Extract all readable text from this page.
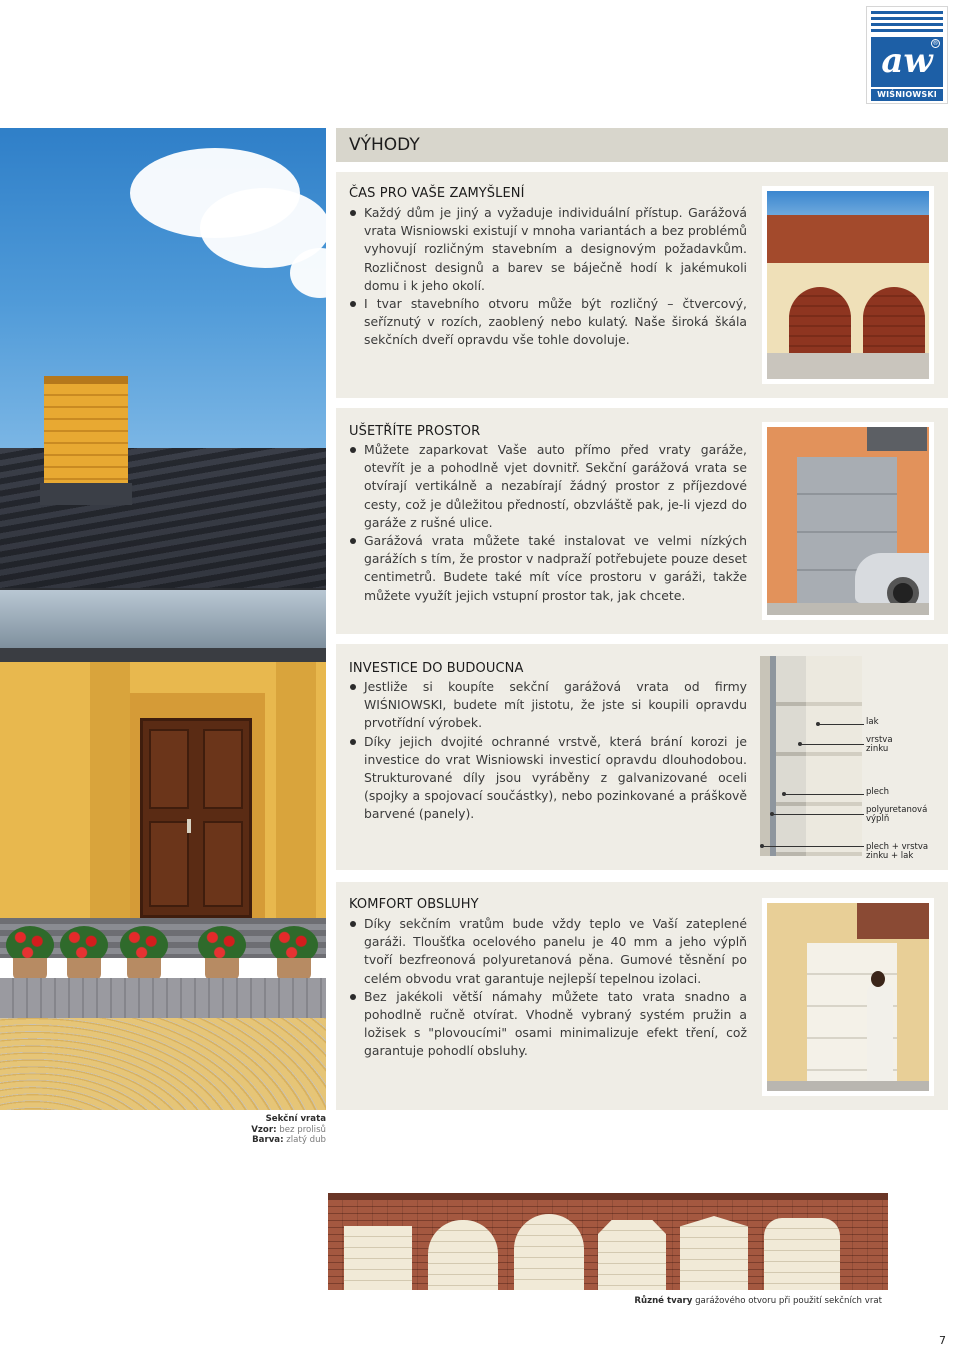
aw ®
WIŚNIOWSKI
VÝHODY
ČAS PRO VAŠE ZAMYŠLENÍ
Každý dům je jiný a vyžaduje individuální přístup. Garážová vrata Wisniowski existují v mnoha variantách a bez problémů vyhovují rozličným stavebním a designovým požadavkům. Rozličnost designů a barev se báječně hodí k jakémukoli domu i k jeho okolí.
I tvar stavebního otvoru může být rozličný – čtvercový, seříznutý v rozích, zaoblený nebo kulatý. Naše široká škála sekčních dveří opravdu vše tohle dovoluje.
UŠETŘÍTE PROSTOR
Můžete zaparkovat Vaše auto přímo před vraty garáže, otevřít je a pohodlně vjet dovnitř. Sekční garážová vrata se otvírají vertikálně a nezabírají žádný prostor z příjezdové cesty, což je důležitou předností, obzvláště pak, je-li vjezd do garáže z rušné ulice.
Garážová vrata můžete také instalovat ve velmi nízkých garážích s tím, že prostor v nadpraží potřebujete pouze deset centimetrů. Budete také mít více prostoru v garáži, takže můžete využít jejich vstupní prostor tak, jak chcete.
INVESTICE DO BUDOUCNA
Jestliže si koupíte sekční garážová vrata od firmy WIŚNIOWSKI, budete mít jistotu, že jste si koupili opravdu prvotřídní výrobek.
Díky jejich dvojité ochranné vrstvě, která brání korozi je investice do vrat Wisniowski investicí opravdu dlouhodobou. Strukturované díly jsou vyráběny z galvanizované oceli (spojky a spojovací součástky), nebo pozinkované a práškově barvené (panely).
lak
vrstva zinku
plech
polyuretanová výplň
plech + vrstva zinku + lak
KOMFORT OBSLUHY
Díky sekčním vratům bude vždy teplo ve Vaší zateplené garáži. Tloušťka ocelového panelu je 40 mm a jeho výplň tvoří bezfreonová polyuretanová pěna. Gumové těsnění po celém obvodu vrat garantuje nejlepší tepelnou izolaci.
Bez jakékoli větší námahy můžete tato vrata snadno a pohodlně ručně otvírat. Vhodně vybraný systém pružin a ložisek s "plovoucími" osami minimalizuje efekt tření, což garantuje pohodlí obsluhy.
Sekční vrata
Vzor: bez prolisů
Barva: zlatý dub
Různé tvary garážového otvoru při použití sekčních vrat
7
